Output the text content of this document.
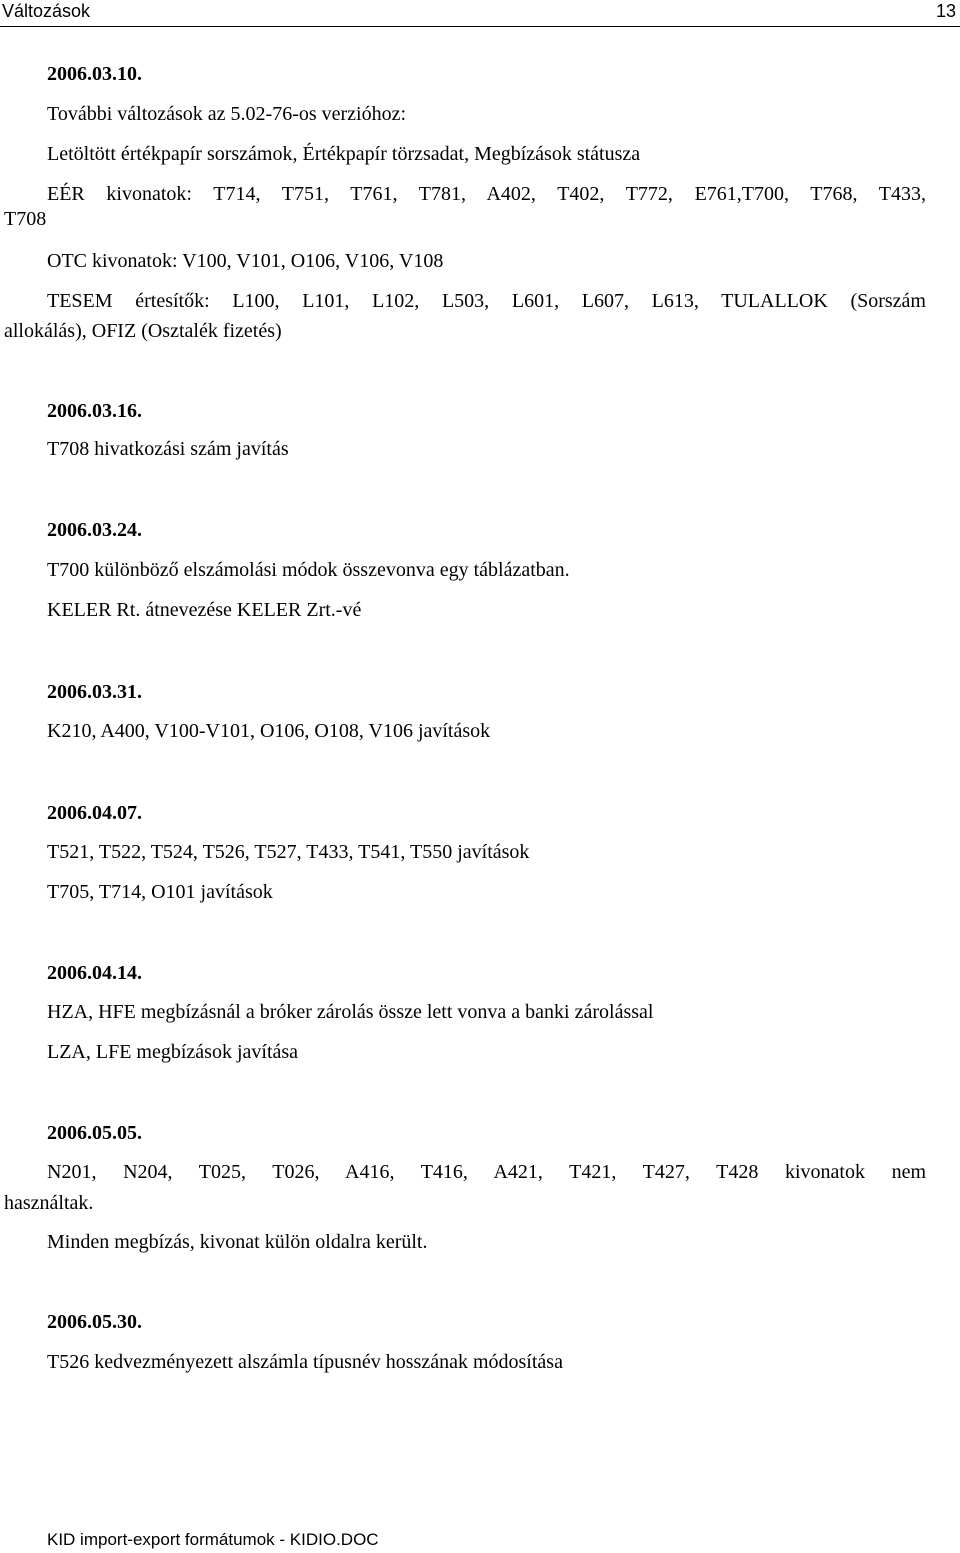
Változások	13
2006.03.10.
További változások az 5.02-76-os verzióhoz:
Letöltött értékpapír sorszámok, Értékpapír törzsadat, Megbízások státusza
EÉR kivonatok: T714, T751, T761, T781, A402, T402, T772, E761,T700, T768, T433,
T708
OTC kivonatok: V100, V101, O106, V106, V108
TESEM értesítők: L100, L101, L102, L503, L601, L607, L613, TULALLOK (Sorszám
allokálás), OFIZ (Osztalék fizetés)
2006.03.16.
T708 hivatkozási szám javítás
2006.03.24.
T700 különböző elszámolási módok összevonva egy táblázatban.
KELER Rt. átnevezése KELER Zrt.-vé
2006.03.31.
K210, A400, V100-V101, O106, O108, V106 javítások
2006.04.07.
T521, T522, T524, T526, T527, T433, T541, T550 javítások
T705, T714, O101 javítások
2006.04.14.
HZA, HFE megbízásnál a bróker zárolás össze lett vonva a banki zárolással
LZA, LFE megbízások javítása
2006.05.05.
N201, N204, T025, T026, A416, T416, A421, T421, T427, T428 kivonatok nem
használtak.
Minden megbízás, kivonat külön oldalra került.
2006.05.30.
T526 kedvezményezett alszámla típusnév hosszának módosítása
KID import-export formátumok - KIDIO.DOC
